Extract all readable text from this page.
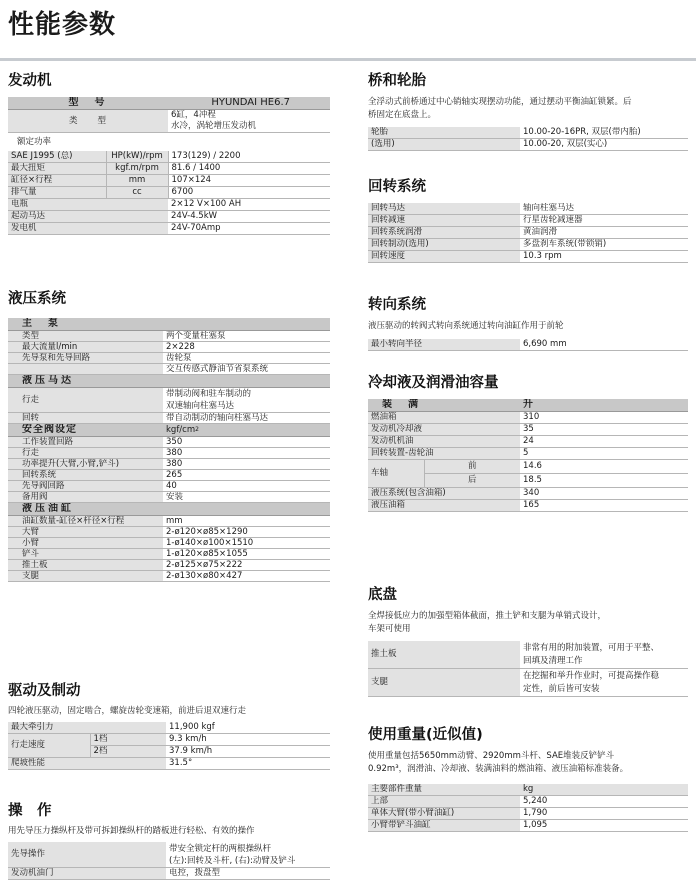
性能参数
发动机
型　号		HYUNDAI HE6.7
类　　型		6缸，4冲程
水冷，涡轮增压发动机

额定功率		
SAE J1995 (总)	HP(kW)/rpm	173(129) / 2200
最大扭矩	kgf.m/rpm	81.6 / 1400
缸径×行程	mm	107×124
排气量	cc	6700
电瓶		2×12 V×100 AH
起动马达		24V-4.5kW
发电机		24V-70Amp
液压系统
主　泵	
类型	两个变量柱塞泵
最大流量l/min	2×228
先导泵和先导回路	齿轮泵
	交互传感式静油节省泵系统
液压马达	
行走	带制动阀和驻车制动的
双速轴向柱塞马达

回转	带自动制动的轴向柱塞马达
安全阀设定	kgf/$cm^2$
工作装置回路	350
行走	380
功率提升(大臂,小臂,铲斗)	380
回转系统	265
先导阀回路	40
备用阀	安装
液压油缸	
油缸数量-缸径×杆径×行程	mm
大臂	2-ø120×ø85×1290
小臂	1-ø140×ø100×1510
铲斗	1-ø120×ø85×1055
推土板	2-ø125×ø75×222
支腿	2-ø130×ø80×427
驱动及制动

四轮液压驱动，固定啮合，螺旋齿轮变速箱，前进后退双速行走

最大牵引力		11,900 kgf
行走速度	1档	9.3 km/h
	2档	37.9 km/h
爬坡性能		31.5°
操　作

用先导压力操纵杆及带可拆卸操纵杆的踏板进行轻松、有效的操作

先导操作	带安全锁定杆的两根操纵杆
(左):回转及斗杆, (右):动臂及铲斗

发动机油门	电控，拨盘型
桥和轮胎

全浮动式前桥通过中心销轴实现摆动功能，通过摆动平衡油缸锁紧。后

桥固定在底盘上。

轮胎	10.00-20-16PR, 双层(带内胎)
(选用)	10.00-20, 双层(实心)
回转系统
回转马达	轴向柱塞马达
回转减速	行星齿轮减速器
回转系统润滑	黄油润滑
回转制动(选用)	多盘刹车系统(带锁销)
回转速度	10.3 rpm
转向系统

液压驱动的转阀式转向系统通过转向油缸作用于前轮

最小转向半径	6,690 mm
冷却液及润滑油容量
装　满		升
燃油箱		310
发动机冷却液		35
发动机机油		24
回转装置-齿轮油		5
车轴	前	14.6
	后	18.5
液压系统(包含油箱)		340
液压油箱		165
底盘

全焊接低应力的加强型箱体截面，推土铲和支腿为单销式设计，

车架可使用

推土板	非常有用的附加装置，可用于平整、
回填及清理工作

支腿	在挖掘和举升作业时，可提高操作稳
定性，前后皆可安装
使用重量(近似值)

使用重量包括5650mm动臂、2920mm斗杆、SAE堆装反铲铲斗

0.92m³，润滑油、冷却液、装满油料的燃油箱、液压油箱标准装备。

主要部件重量	kg
上部	5,240
单体大臂(带小臂油缸)	1,790
小臂带铲斗油缸	1,095
